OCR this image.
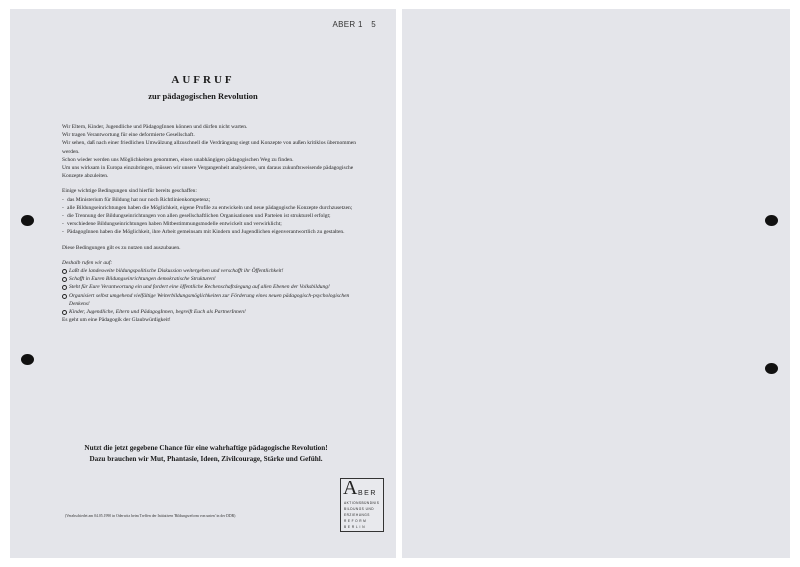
ABER 1 5
AUFRUF
zur pädagogischen Revolution

Wir Eltern, Kinder, Jugendliche und PädagogInnen können und dürfen nicht warten.

Wir tragen Verantwortung für eine deformierte Gesellschaft.

Wir sehen, daß nach einer friedlichen Umwälzung allzuschnell die Verdrängung siegt und Konzepte von außen kritiklos übernommen werden.

Schon wieder werden uns Möglichkeiten genommen, einen unabhängigen pädagogischen Weg zu finden.

Um uns wirksam in Europa einzubringen, müssen wir unsere Vergangenheit analysieren, um daraus zukunftsweisende pädagogische Konzepte abzuleiten.

Einige wichtige Bedingungen sind hierfür bereits geschaffen:

- das Ministerium für Bildung hat nur noch Richtlinienkompetenz;
- alle Bildungseinrichtungen haben die Möglichkeit, eigene Profile zu entwickeln und neue pädagogische Konzepte durchzusetzen;
- die Trennung der Bildungseinrichtungen von allen gesellschaftlichen Organisationen und Parteien ist strukturell erfolgt;
- verschiedene Bildungseinrichtungen haben Mitbestimmungsmodelle entwickelt und verwirklicht;
- PädagogInnen haben die Möglichkeit, ihre Arbeit gemeinsam mit Kindern und Jugendlichen eigenverantwortlich zu gestalten.

Diese Bedingungen gilt es zu nutzen und auszubauen.

Deshalb rufen wir auf:

Laßt die landesweite bildungspolitische Diskussion weitergehen und verschafft ihr Öffentlichkeit!
Schafft in Euren Bildungseinrichtungen demokratische Strukturen!
Steht für Eure Verantwortung ein und fordert eine öffentliche Rechenschaftslegung auf allen Ebenen der Volksbildung!
Organisiert selbst umgehend vielfältige Weiterbildungsmöglichkeiten zur Förderung eines neuen pädagogisch-psychologischen Denkens!
Kinder, Jugendliche, Eltern und PädagogInnen, begreift Euch als PartnerInnen!

Es geht um eine Pädagogik der Glaubwürdigkeit!

Nutzt die jetzt gegebene Chance für eine wahrhaftige pädagogische Revolution!
Dazu brauchen wir Mut, Phantasie, Ideen, Zivilcourage, Stärke und Gefühl.
(Verabschiedet am 04.05.1990 in Oderwitz beim Treffen der Initiativen 'Bildungsreform von unten' in der DDR)
A BER
AKTIONSBÜNDNIS
BILDUNGS UND
ERZIEHUNGS
REFORM
BERLIN
